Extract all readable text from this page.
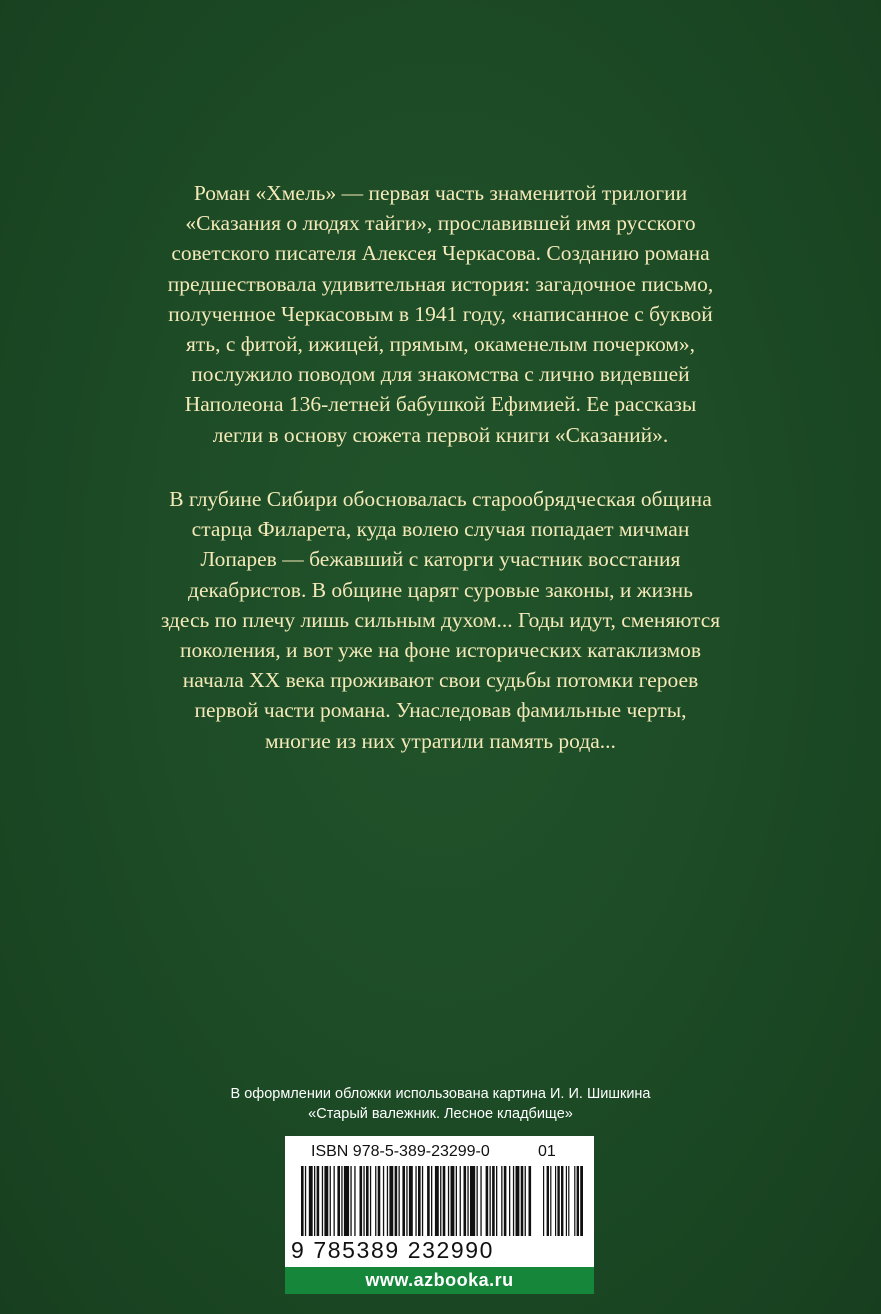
Роман «Хмель» — первая часть знаменитой трилогии
«Сказания о людях тайги», прославившей имя русского
советского писателя Алексея Черкасова. Созданию романа
предшествовала удивительная история: загадочное письмо,
полученное Черкасовым в 1941 году, «написанное с буквой
ять, с фитой, ижицей, прямым, окаменелым почерком»,
послужило поводом для знакомства с лично видевшей
Наполеона 136-летней бабушкой Ефимией. Ее рассказы
легли в основу сюжета первой книги «Сказаний».
В глубине Сибири обосновалась старообрядческая община
старца Филарета, куда волею случая попадает мичман
Лопарев — бежавший с каторги участник восстания
декабристов. В общине царят суровые законы, и жизнь
здесь по плечу лишь сильным духом... Годы идут, сменяются
поколения, и вот уже на фоне исторических катаклизмов
начала XX века проживают свои судьбы потомки героев
первой части романа. Унаследовав фамильные черты,
многие из них утратили память рода...
В оформлении обложки использована картина И. И. Шишкина
«Старый валежник. Лесное кладбище»
ISBN 978-5-389-23299-0	01
9 785389 232990
www.azbooka.ru
